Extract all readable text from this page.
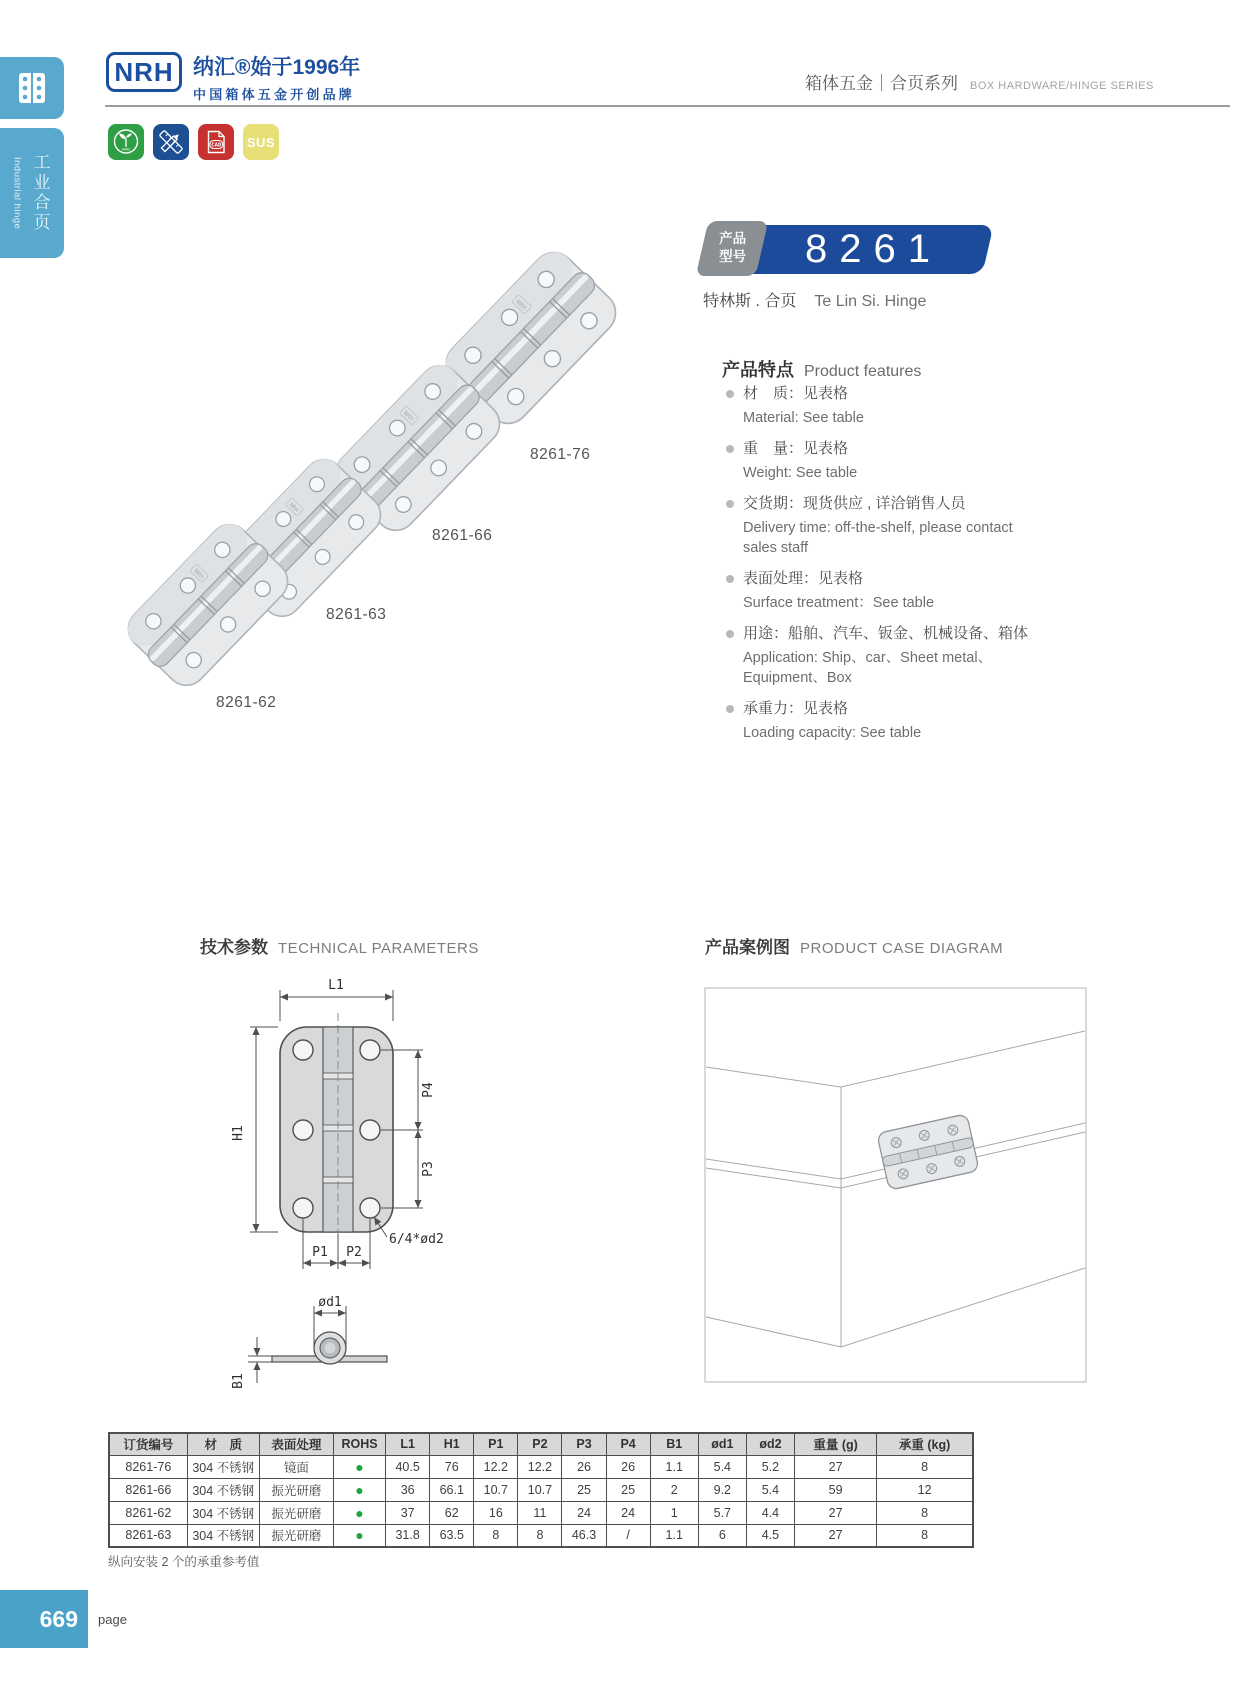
Industrial hinge 工业合页
NRH 纳汇®始于1996年
中国箱体五金开创品牌
箱体五金｜合页系列 BOX HARDWARE/HINGE SERIES
ROHS
CAD SUS
8261-76
8261-66
8261-63
8261-62
8261
产品
型号
特林斯 . 合页 Te Lin Si. Hinge
产品特点 Product features
材　质：见表格
Material: See table
重　量：见表格
Weight: See table
交货期：现货供应 , 详洽销售人员
Delivery time: off-the-shelf, please contact sales staff
表面处理：见表格
Surface treatment：See table
用途：船舶、汽车、钣金、机械设备、箱体
Application: Ship、car、Sheet metal、Equipment、Box
承重力：见表格
Loading capacity: See table
技术参数 TECHNICAL PARAMETERS	产品案例图 PRODUCT CASE DIAGRAM
L1
H1
P4
P3
P1 P2
6/4*ød2
ød1
B1
订货编号	材　质	表面处理	ROHS	L1	H1	P1	P2	P3	P4	B1	ød1	ød2	重量 (g)	承重 (kg)
8261-76	304 不锈钢	镜面	●	40.5	76	12.2	12.2	26	26	1.1	5.4	5.2	27	8
8261-66	304 不锈钢	振光研磨	●	36	66.1	10.7	10.7	25	25	2	9.2	5.4	59	12
8261-62	304 不锈钢	振光研磨	●	37	62	16	11	24	24	1	5.7	4.4	27	8
8261-63	304 不锈钢	振光研磨	●	31.8	63.5	8	8	46.3	/	1.1	6	4.5	27	8
纵向安装 2 个的承重参考值
669 page
